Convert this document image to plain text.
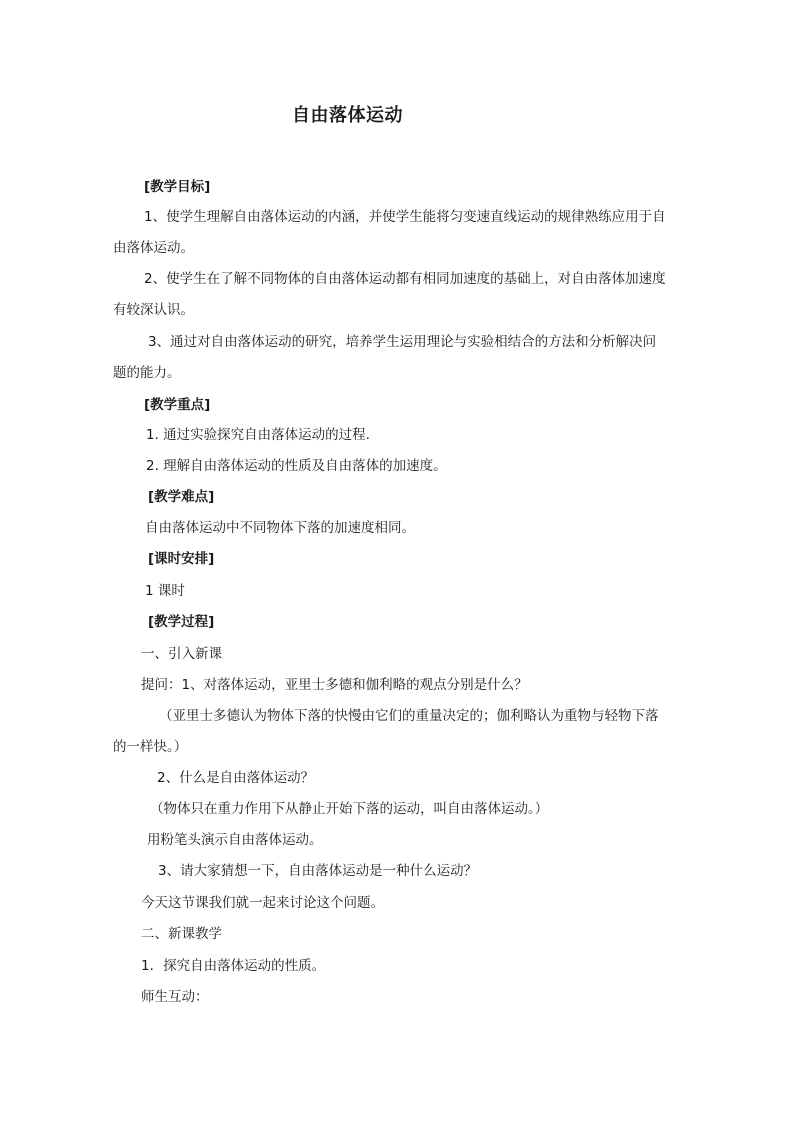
自由落体运动
[教学目标]
1、使学生理解自由落体运动的内涵，并使学生能将匀变速直线运动的规律熟练应用于自
由落体运动。
2、使学生在了解不同物体的自由落体运动都有相同加速度的基础上，对自由落体加速度
有较深认识。
3、通过对自由落体运动的研究，培养学生运用理论与实验相结合的方法和分析解决问
题的能力。
[教学重点]
1. 通过实验探究自由落体运动的过程.
2. 理解自由落体运动的性质及自由落体的加速度。
[教学难点]
自由落体运动中不同物体下落的加速度相同。
[课时安排]
1 课时
[教学过程]
一、引入新课
提问：1、对落体运动，亚里士多德和伽利略的观点分别是什么？
（亚里士多德认为物体下落的快慢由它们的重量决定的；伽利略认为重物与轻物下落
的一样快。）
2、什么是自由落体运动？
（物体只在重力作用下从静止开始下落的运动，叫自由落体运动。）
用粉笔头演示自由落体运动。
3、请大家猜想一下，自由落体运动是一种什么运动？
今天这节课我们就一起来讨论这个问题。
二、新课教学
1．探究自由落体运动的性质。
师生互动：
